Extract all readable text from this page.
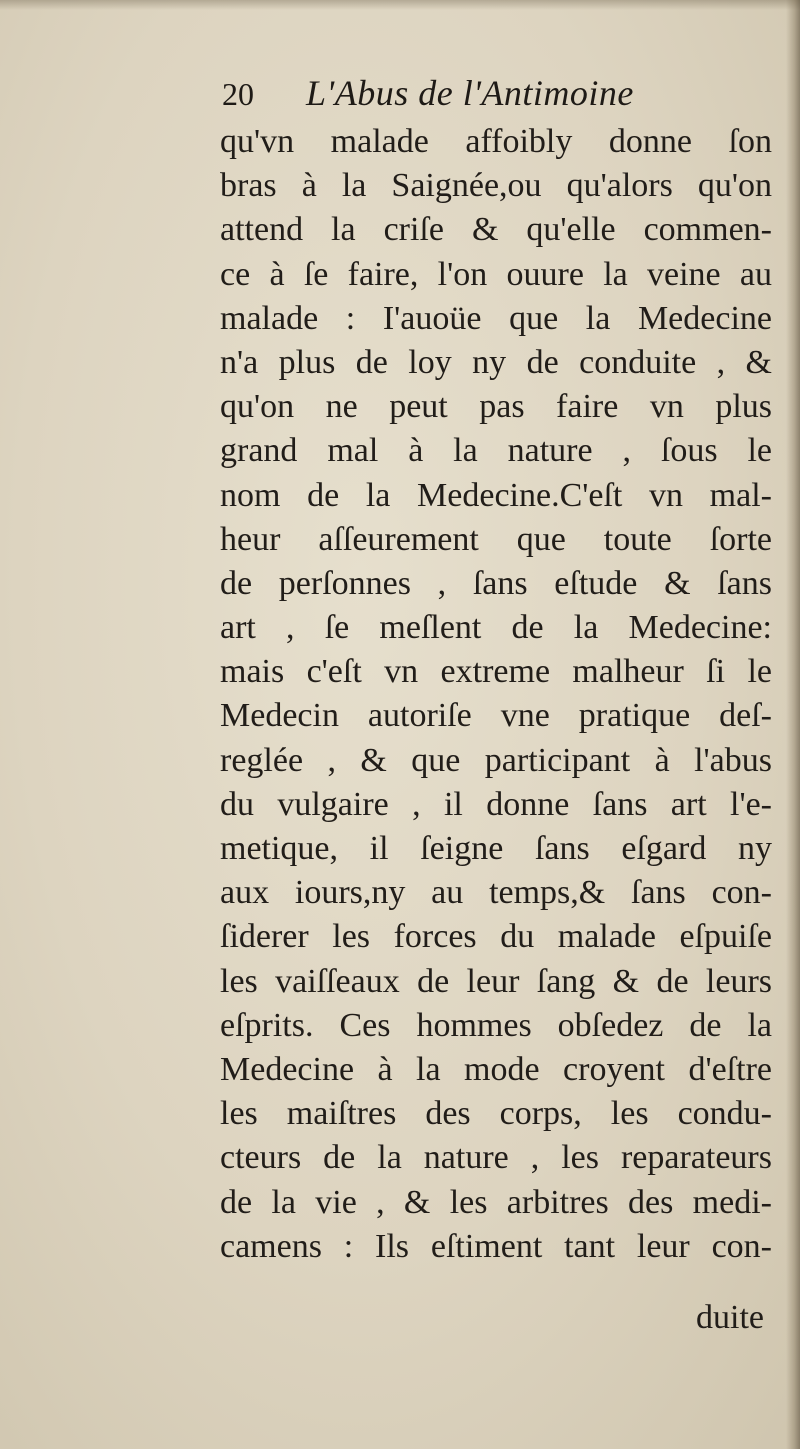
20	L'Abus de l'Antimoine
qu'vn malade affoibly donne ſon
bras à la Saignée,ou qu'alors qu'on
attend la criſe & qu'elle commen-
ce à ſe faire, l'on ouure la veine au
malade : I'auoüe que la Medecine
n'a plus de loy ny de conduite , &
qu'on ne peut pas faire vn plus
grand mal à la nature , ſous le
nom de la Medecine.C'eſt vn mal-
heur aſſeurement que toute ſorte
de perſonnes , ſans eſtude & ſans
art , ſe meſlent de la Medecine:
mais c'eſt vn extreme malheur ſi le
Medecin autoriſe vne pratique deſ-
reglée , & que participant à l'abus
du vulgaire , il donne ſans art l'e-
metique, il ſeigne ſans eſgard ny
aux iours,ny au temps,& ſans con-
ſiderer les forces du malade eſpuiſe
les vaiſſeaux de leur ſang & de leurs
eſprits. Ces hommes obſedez de la
Medecine à la mode croyent d'eſtre
les maiſtres des corps, les condu-
cteurs de la nature , les reparateurs
de la vie , & les arbitres des medi-
camens : Ils eſtiment tant leur con-
duite
